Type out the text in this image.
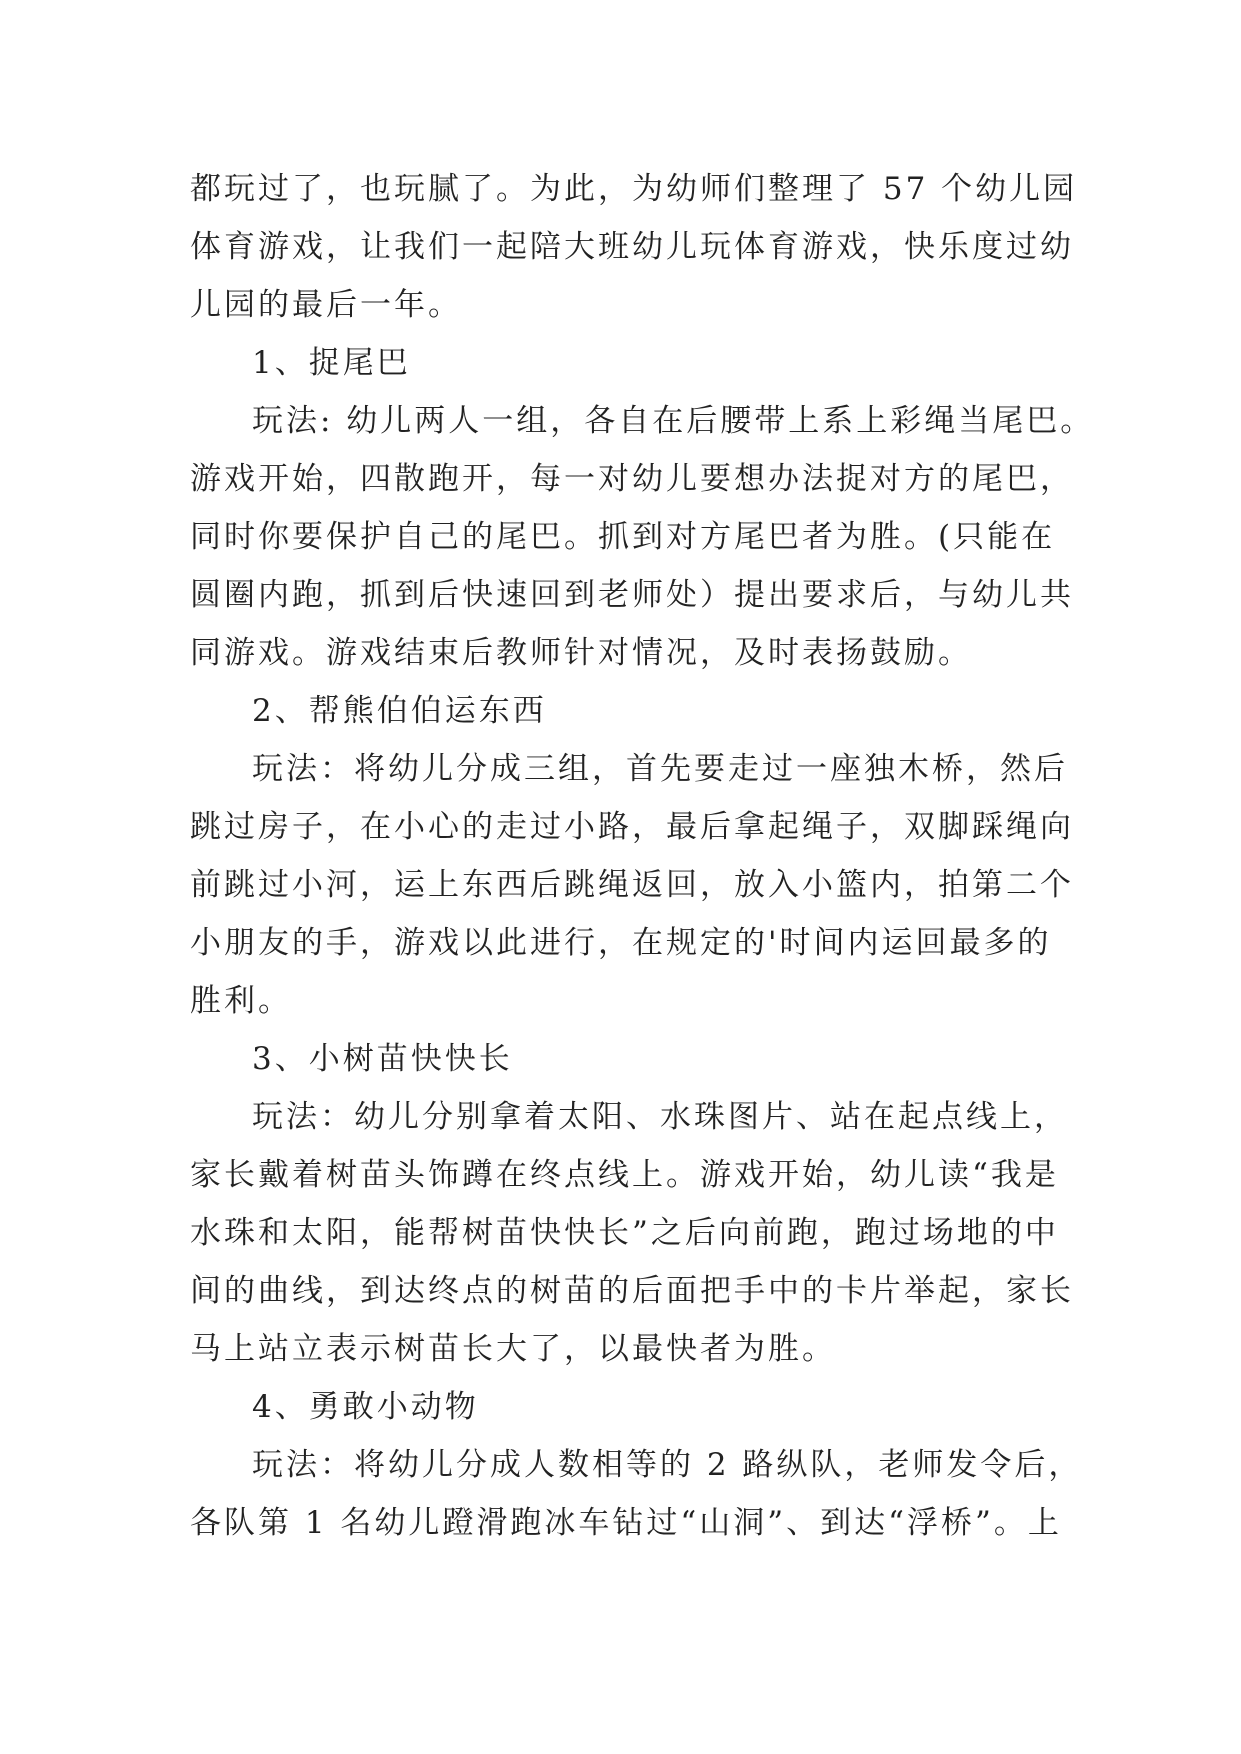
都玩过了，也玩腻了。为此，为幼师们整理了 57 个幼儿园
体育游戏，让我们一起陪大班幼儿玩体育游戏，快乐度过幼
儿园的最后一年。
1、捉尾巴
玩法: 幼儿两人一组，各自在后腰带上系上彩绳当尾巴。
游戏开始，四散跑开，每一对幼儿要想办法捉对方的尾巴，
同时你要保护自己的尾巴。抓到对方尾巴者为胜。(只能在
圆圈内跑，抓到后快速回到老师处）提出要求后，与幼儿共
同游戏。游戏结束后教师针对情况，及时表扬鼓励。
2、帮熊伯伯运东西
玩法：将幼儿分成三组，首先要走过一座独木桥，然后
跳过房子，在小心的走过小路，最后拿起绳子，双脚踩绳向
前跳过小河，运上东西后跳绳返回，放入小篮内，拍第二个
小朋友的手，游戏以此进行，在规定的'时间内运回最多的
胜利。
3、小树苗快快长
玩法：幼儿分别拿着太阳、水珠图片、站在起点线上，
家长戴着树苗头饰蹲在终点线上。游戏开始，幼儿读“我是
水珠和太阳，能帮树苗快快长”之后向前跑，跑过场地的中
间的曲线，到达终点的树苗的后面把手中的卡片举起，家长
马上站立表示树苗长大了，以最快者为胜。
4、勇敢小动物
玩法：将幼儿分成人数相等的 2 路纵队，老师发令后，
各队第 1 名幼儿蹬滑跑冰车钻过“山洞”、到达“浮桥”。上
